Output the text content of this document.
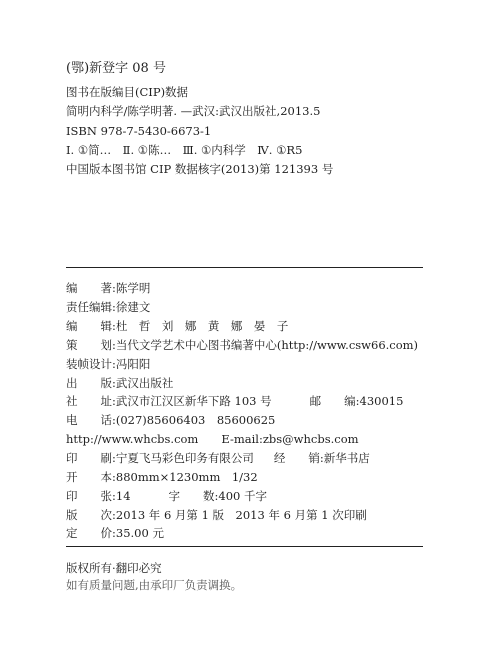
(鄂)新登字 08 号
图书在版编目(CIP)数据
简明内科学/陈学明著. —武汉:武汉出版社,2013.5
ISBN 978-7-5430-6673-1
Ⅰ. ①简…　Ⅱ. ①陈…　Ⅲ. ①内科学　Ⅳ. ①R5
中国版本图书馆 CIP 数据核字(2013)第 121393 号
编　　著:陈学明
责任编辑:徐建文
编　　辑:杜　哲　刘　娜　黄　娜　晏　子
策　　划:当代文学艺术中心图书编著中心(http://www.csw66.com)
装帧设计:冯阳阳
出　　版:武汉出版社
社　　址:武汉市江汉区新华下路 103 号	邮　　编:430015
电　　话:(027)85606403　85600625
http://www.whcbs.com　　E-mail:zbs@whcbs.com
印　　刷:宁夏飞马彩色印务有限公司 经　　销:新华书店
开　　本:880mm×1230mm　1/32
印　　张:14	字　　数:400 千字
版　　次:2013 年 6 月第 1 版　2013 年 6 月第 1 次印刷
定　　价:35.00 元
版权所有·翻印必究
如有质量问题,由承印厂负责调换。
